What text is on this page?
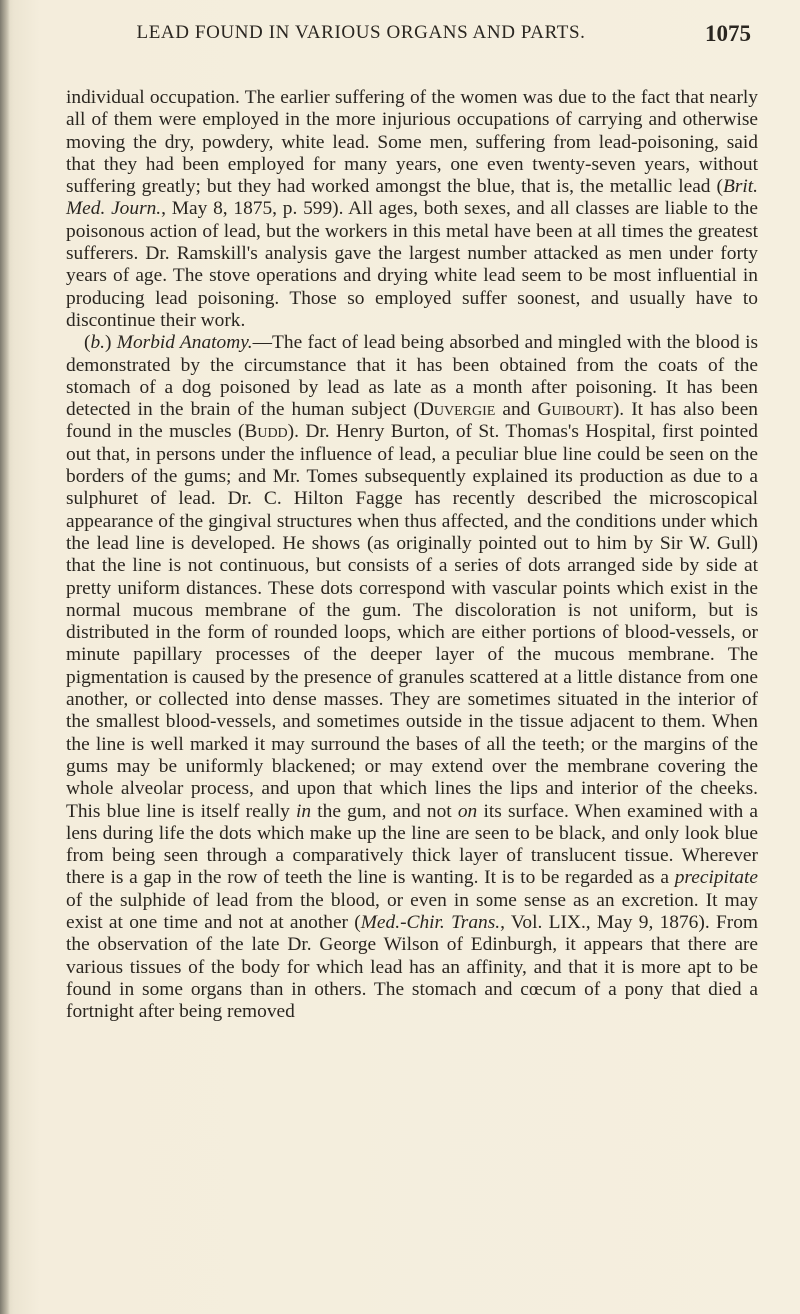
LEAD FOUND IN VARIOUS ORGANS AND PARTS.	1075

individual occupation. The earlier suffering of the women was due to the fact that nearly all of them were employed in the more injurious occupations of carrying and otherwise moving the dry, powdery, white lead. Some men, suffering from lead-poisoning, said that they had been employed for many years, one even twenty-seven years, without suffering greatly; but they had worked amongst the blue, that is, the metallic lead (Brit. Med. Journ., May 8, 1875, p. 599). All ages, both sexes, and all classes are liable to the poisonous action of lead, but the workers in this metal have been at all times the greatest sufferers. Dr. Ramskill's analysis gave the largest number attacked as men under forty years of age. The stove operations and drying white lead seem to be most influential in producing lead poisoning. Those so employed suffer soonest, and usually have to discontinue their work.

(b.) Morbid Anatomy.—The fact of lead being absorbed and mingled with the blood is demonstrated by the circumstance that it has been obtained from the coats of the stomach of a dog poisoned by lead as late as a month after poisoning. It has been detected in the brain of the human subject (Duvergie and Guibourt). It has also been found in the muscles (Budd). Dr. Henry Burton, of St. Thomas's Hospital, first pointed out that, in persons under the influence of lead, a peculiar blue line could be seen on the borders of the gums; and Mr. Tomes subsequently explained its production as due to a sulphuret of lead. Dr. C. Hilton Fagge has recently described the microscopical appearance of the gingival structures when thus affected, and the conditions under which the lead line is developed. He shows (as originally pointed out to him by Sir W. Gull) that the line is not continuous, but consists of a series of dots arranged side by side at pretty uniform distances. These dots correspond with vascular points which exist in the normal mucous membrane of the gum. The discoloration is not uniform, but is distributed in the form of rounded loops, which are either portions of blood-vessels, or minute papillary processes of the deeper layer of the mucous membrane. The pigmentation is caused by the presence of granules scattered at a little distance from one another, or collected into dense masses. They are sometimes situated in the interior of the smallest blood-vessels, and sometimes outside in the tissue adjacent to them. When the line is well marked it may surround the bases of all the teeth; or the margins of the gums may be uniformly blackened; or may extend over the membrane covering the whole alveolar process, and upon that which lines the lips and interior of the cheeks. This blue line is itself really in the gum, and not on its surface. When examined with a lens during life the dots which make up the line are seen to be black, and only look blue from being seen through a comparatively thick layer of translucent tissue. Wherever there is a gap in the row of teeth the line is wanting. It is to be regarded as a precipitate of the sulphide of lead from the blood, or even in some sense as an excretion. It may exist at one time and not at another (Med.-Chir. Trans., Vol. LIX., May 9, 1876). From the observation of the late Dr. George Wilson of Edinburgh, it appears that there are various tissues of the body for which lead has an affinity, and that it is more apt to be found in some organs than in others. The stomach and cœcum of a pony that died a fortnight after being removed
